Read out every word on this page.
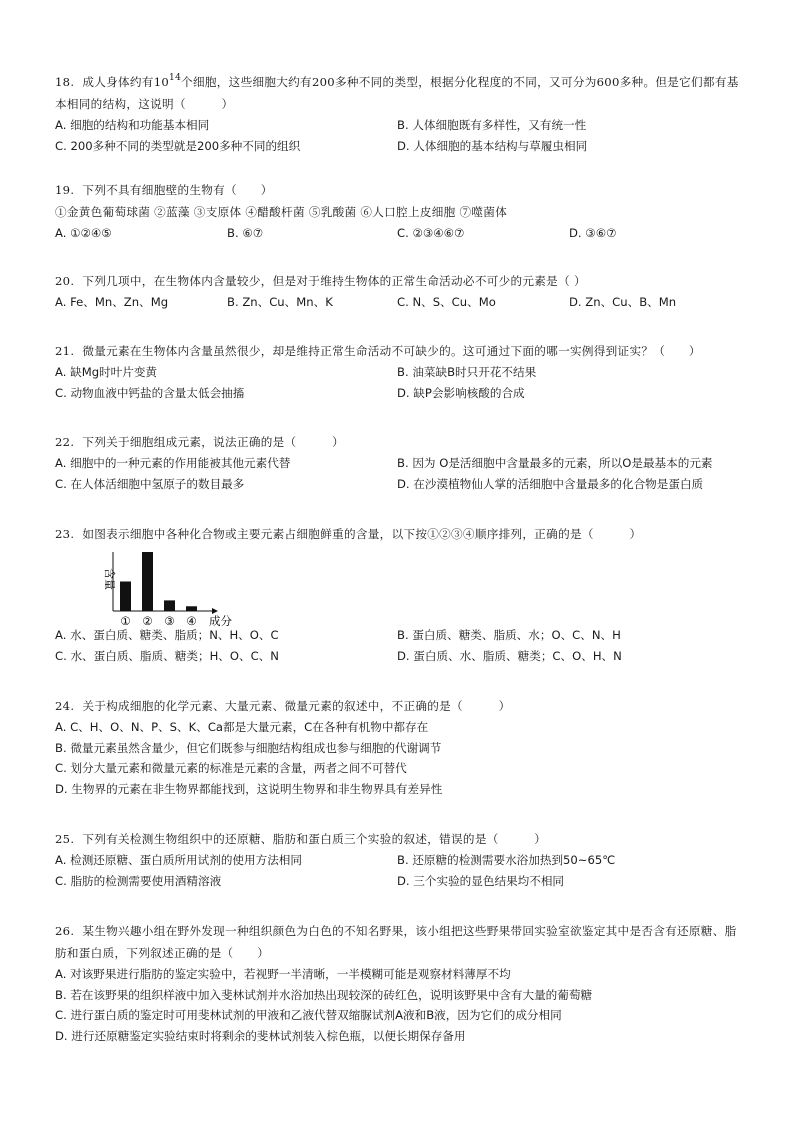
18. 成人身体约有$10^{14}$个细胞，这些细胞大约有200多种不同的类型，根据分化程度的不同，又可分为600多种。但是它们都有基本相同的结构，这说明（　　　）
A. 细胞的结构和功能基本相同	B. 人体细胞既有多样性，又有统一性
C. 200多种不同的类型就是200多种不同的组织	D. 人体细胞的基本结构与草履虫相同
19. 下列不具有细胞壁的生物有（　　）
①金黄色葡萄球菌 ②蓝藻 ③支原体 ④醋酸杆菌 ⑤乳酸菌 ⑥人口腔上皮细胞 ⑦噬菌体
A. ①②④⑤	B. ⑥⑦	C. ②③④⑥⑦	D. ③⑥⑦
20. 下列几项中，在生物体内含量较少，但是对于维持生物体的正常生命活动必不可少的元素是（ ）
A. Fe、Mn、Zn、Mg	B. Zn、Cu、Mn、K	C. N、S、Cu、Mo	D. Zn、Cu、B、Mn
21. 微量元素在生物体内含量虽然很少，却是维持正常生命活动不可缺少的。这可通过下面的哪一实例得到证实？（　　）
A. 缺Mg时叶片变黄	B. 油菜缺B时只开花不结果
C. 动物血液中钙盐的含量太低会抽搐	D. 缺P会影响核酸的合成
22. 下列关于细胞组成元素，说法正确的是（　　　）
A. 细胞中的一种元素的作用能被其他元素代替	B. 因为 O是活细胞中含量最多的元素，所以O是最基本的元素
C. 在人体活细胞中氢原子的数目最多	D. 在沙漠植物仙人掌的活细胞中含量最多的化合物是蛋白质
23. 如图表示细胞中各种化合物或主要元素占细胞鲜重的含量，以下按①②③④顺序排列，正确的是（　　　）
含量
① ② ③ ④ 成分
A. 水、蛋白质、糖类、脂质；N、H、O、C	B. 蛋白质、糖类、脂质、水；O、C、N、H
C. 水、蛋白质、脂质、糖类；H、O、C、N	D. 蛋白质、水、脂质、糖类；C、O、H、N
24. 关于构成细胞的化学元素、大量元素、微量元素的叙述中，不正确的是（　　　）
A. C、H、O、N、P、S、K、Ca都是大量元素，C在各种有机物中都存在
B. 微量元素虽然含量少，但它们既参与细胞结构组成也参与细胞的代谢调节
C. 划分大量元素和微量元素的标准是元素的含量，两者之间不可替代
D. 生物界的元素在非生物界都能找到，这说明生物界和非生物界具有差异性
25. 下列有关检测生物组织中的还原糖、脂肪和蛋白质三个实验的叙述，错误的是（　　　）
A. 检测还原糖、蛋白质所用试剂的使用方法相同	B. 还原糖的检测需要水浴加热到50~65℃
C. 脂肪的检测需要使用酒精溶液	D. 三个实验的显色结果均不相同
26. 某生物兴趣小组在野外发现一种组织颜色为白色的不知名野果，该小组把这些野果带回实验室欲鉴定其中是否含有还原糖、脂肪和蛋白质，下列叙述正确的是（　　）
A. 对该野果进行脂肪的鉴定实验中，若视野一半清晰，一半模糊可能是观察材料薄厚不均
B. 若在该野果的组织样液中加入斐林试剂并水浴加热出现较深的砖红色，说明该野果中含有大量的葡萄糖
C. 进行蛋白质的鉴定时可用斐林试剂的甲液和乙液代替双缩脲试剂A液和B液，因为它们的成分相同
D. 进行还原糖鉴定实验结束时将剩余的斐林试剂装入棕色瓶，以便长期保存备用
